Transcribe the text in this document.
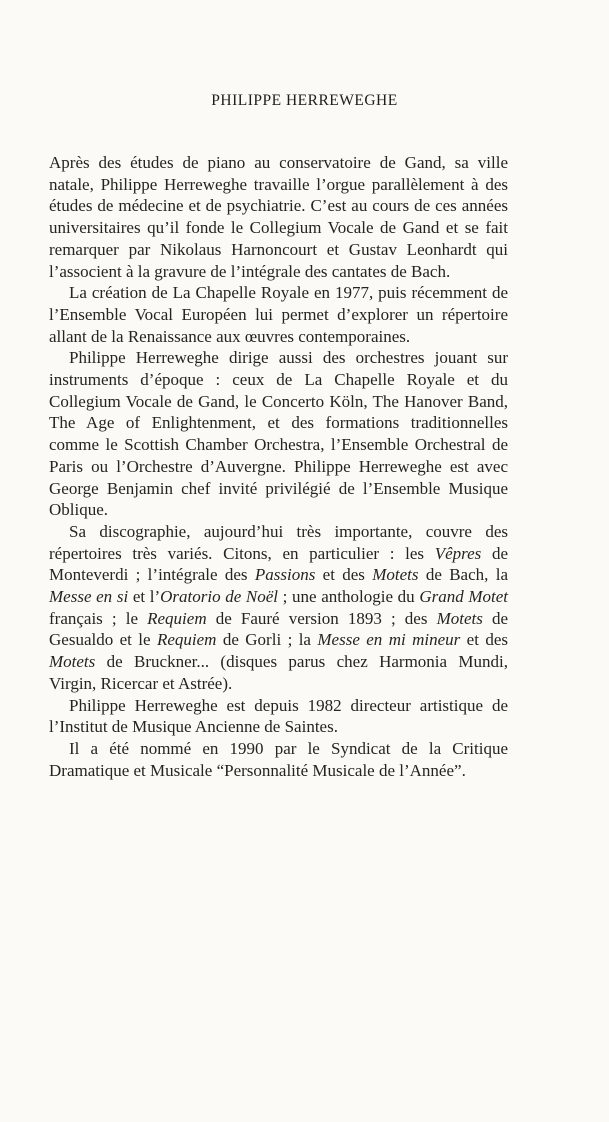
​
PHILIPPE HERREWEGHE

Après des études de piano au conservatoire de Gand, sa ville natale, Philippe Herreweghe travaille l’orgue parallèlement à des études de médecine et de psychiatrie. C’est au cours de ces années universitaires qu’il fonde le Collegium Vocale de Gand et se fait remarquer par Nikolaus Harnoncourt et Gustav Leonhardt qui l’associent à la gravure de l’intégrale des cantates de Bach.

La création de La Chapelle Royale en 1977, puis récemment de l’Ensemble Vocal Européen lui permet d’explorer un répertoire allant de la Renaissance aux œuvres contemporaines.

Philippe Herreweghe dirige aussi des orchestres jouant sur instruments d’époque : ceux de La Chapelle Royale et du Collegium Vocale de Gand, le Concerto Köln, The Hanover Band, The Age of Enlightenment, et des formations traditionnelles comme le Scottish Chamber Orchestra, l’Ensemble Orchestral de Paris ou l’Orchestre d’Auvergne. Philippe Herreweghe est avec George Benjamin chef invité privilégié de l’Ensemble Musique Oblique.

Sa discographie, aujourd’hui très importante, couvre des répertoires très variés. Citons, en particulier : les Vêpres de Monteverdi ; l’intégrale des Passions et des Motets de Bach, la Messe en si et l’Oratorio de Noël ; une anthologie du Grand Motet français ; le Requiem de Fauré version 1893 ; des Motets de Gesualdo et le Requiem de Gorli ; la Messe en mi mineur et des Motets de Bruckner... (disques parus chez Harmonia Mundi, Virgin, Ricercar et Astrée).

Philippe Herreweghe est depuis 1982 directeur artistique de l’Institut de Musique Ancienne de Saintes.

Il a été nommé en 1990 par le Syndicat de la Critique Dramatique et Musicale “Personnalité Musicale de l’Année”.
